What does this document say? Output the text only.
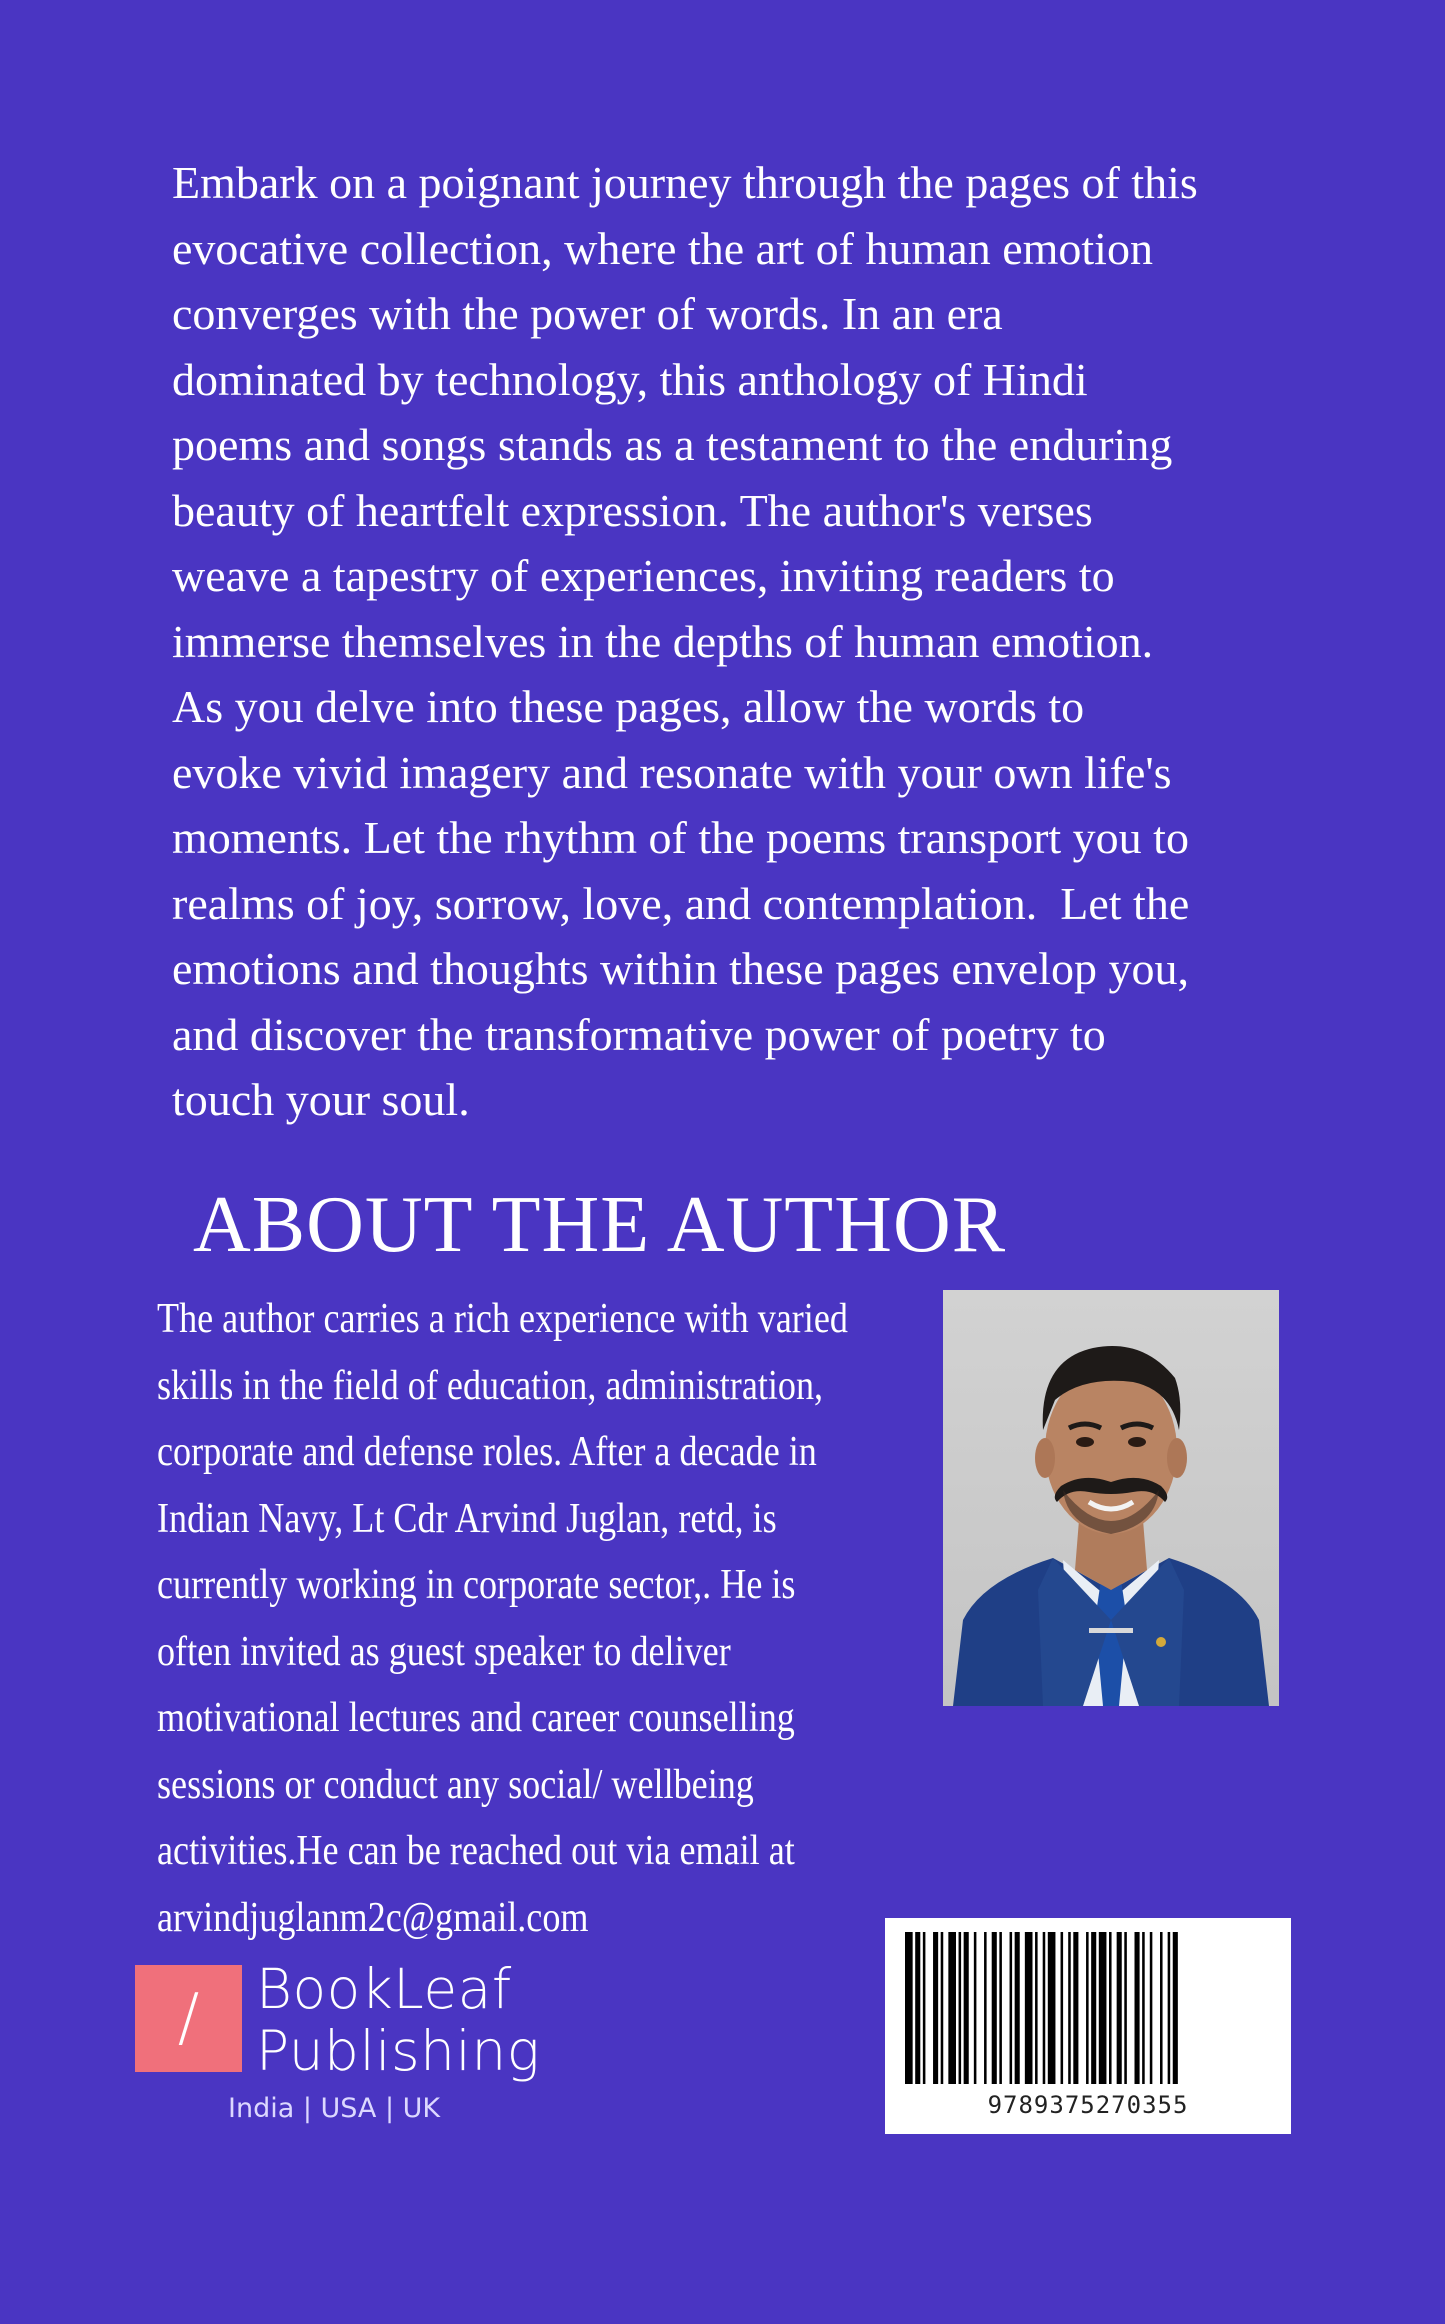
Embark on a poignant journey through the pages of this
evocative collection, where the art of human emotion
converges with the power of words. In an era
dominated by technology, this anthology of Hindi
poems and songs stands as a testament to the enduring
beauty of heartfelt expression. The author's verses
weave a tapestry of experiences, inviting readers to
immerse themselves in the depths of human emotion.
As you delve into these pages, allow the words to
evoke vivid imagery and resonate with your own life's
moments. Let the rhythm of the poems transport you to
realms of joy, sorrow, love, and contemplation.  Let the
emotions and thoughts within these pages envelop you,
and discover the transformative power of poetry to
touch your soul.
ABOUT THE AUTHOR
The author carries a rich experience with varied
skills in the field of education, administration,
corporate and defense roles. After a decade in
Indian Navy, Lt Cdr Arvind Juglan, retd, is
currently working in corporate sector,. He is
often invited as guest speaker to deliver
motivational lectures and career counselling
sessions or conduct any social/ wellbeing
activities.He can be reached out via email at
arvindjuglanm2c@gmail.com
/	BookLeaf
Publishing
India | USA | UK	9789375270355
